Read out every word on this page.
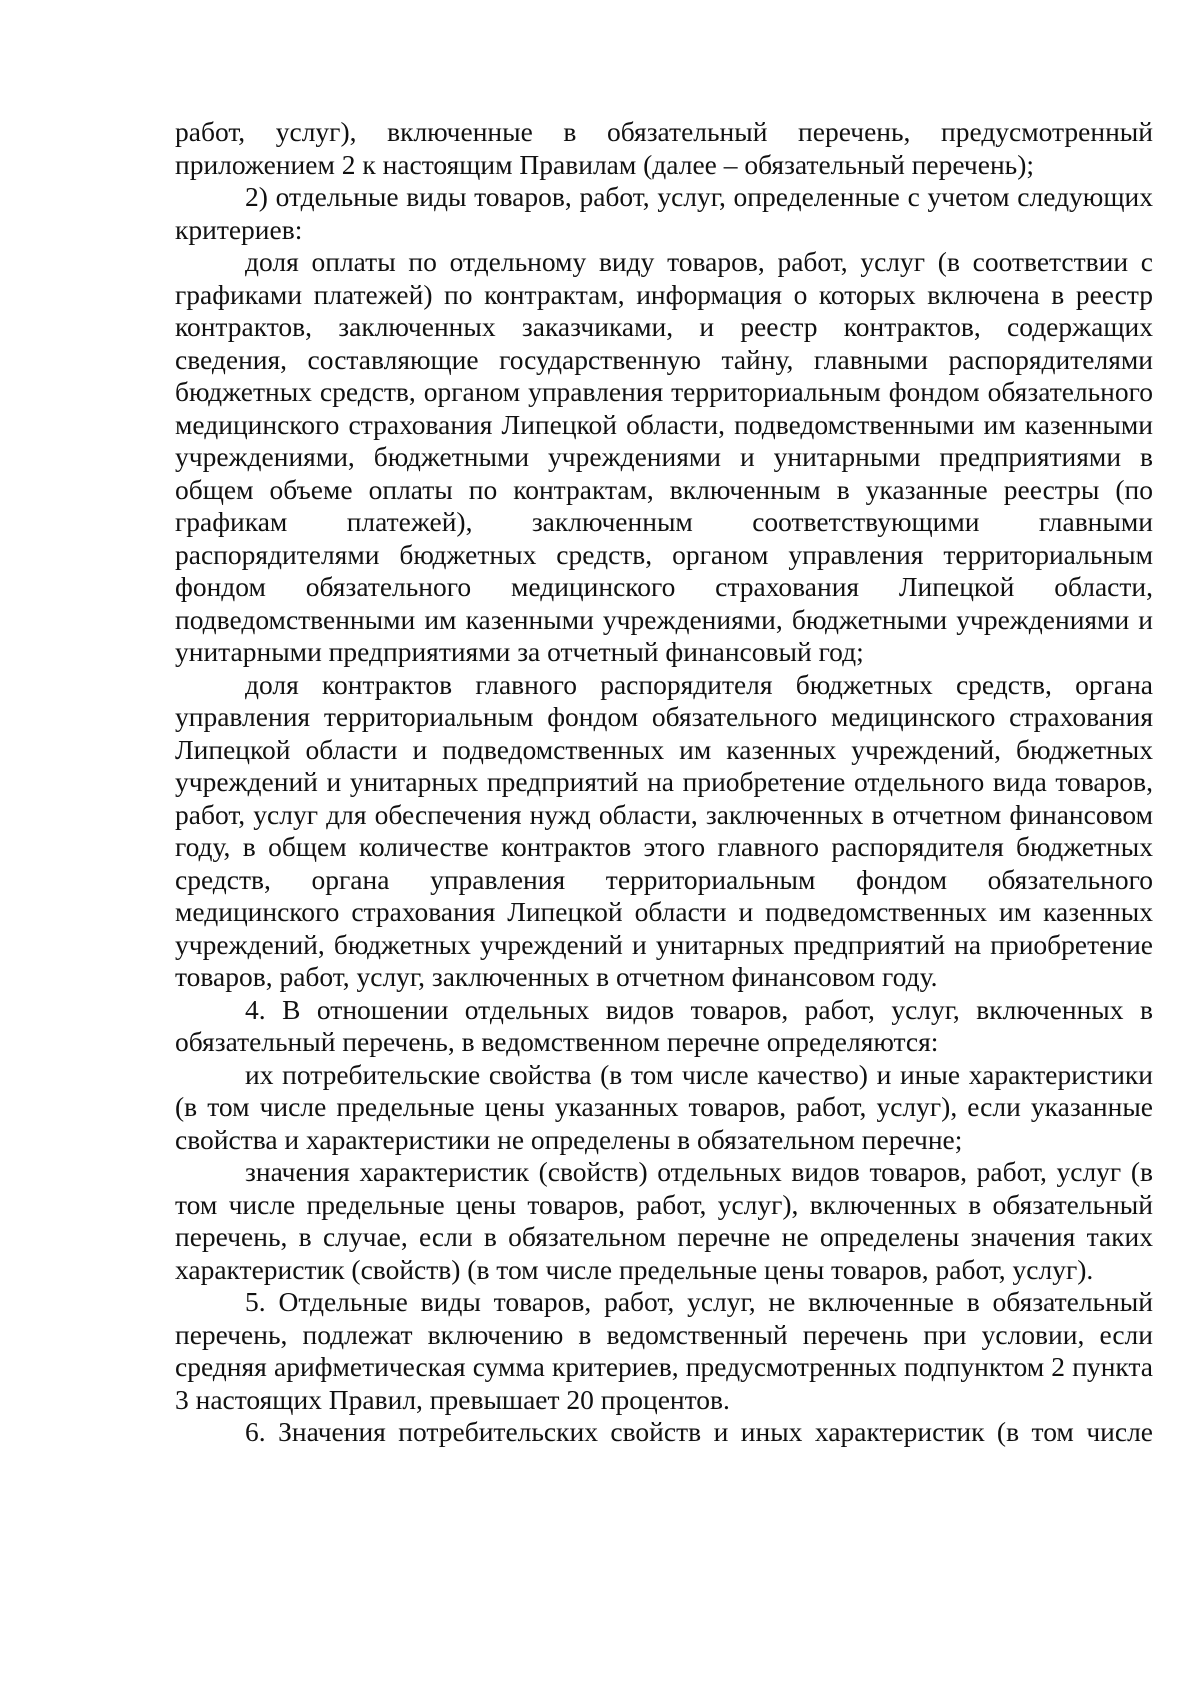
работ, услуг), включенные в обязательный перечень, предусмотренный приложением 2 к настоящим Правилам (далее – обязательный перечень);

2) отдельные виды товаров, работ, услуг, определенные с учетом следующих критериев:

доля оплаты по отдельному виду товаров, работ, услуг (в соответствии с графиками платежей) по контрактам, информация о которых включена в реестр контрактов, заключенных заказчиками, и реестр контрактов, содержащих сведения, составляющие государственную тайну, главными распорядителями бюджетных средств, органом управления территориальным фондом обязательного медицинского страхования Липецкой области, подведомственными им казенными учреждениями, бюджетными учреждениями и унитарными предприятиями в общем объеме оплаты по контрактам, включенным в указанные реестры (по графикам платежей), заключенным соответствующими главными распорядителями бюджетных средств, органом управления территориальным фондом обязательного медицинского страхования Липецкой области, подведомственными им казенными учреждениями, бюджетными учреждениями и унитарными предприятиями за отчетный финансовый год;

доля контрактов главного распорядителя бюджетных средств, органа управления территориальным фондом обязательного медицинского страхования Липецкой области и подведомственных им казенных учреждений, бюджетных учреждений и унитарных предприятий на приобретение отдельного вида товаров, работ, услуг для обеспечения нужд области, заключенных в отчетном финансовом году, в общем количестве контрактов этого главного распорядителя бюджетных средств, органа управления территориальным фондом обязательного медицинского страхования Липецкой области и подведомственных им казенных учреждений, бюджетных учреждений и унитарных предприятий на приобретение товаров, работ, услуг, заключенных в отчетном финансовом году.

4. В отношении отдельных видов товаров, работ, услуг, включенных в обязательный перечень, в ведомственном перечне определяются:

их потребительские свойства (в том числе качество) и иные характеристики (в том числе предельные цены указанных товаров, работ, услуг), если указанные свойства и характеристики не определены в обязательном перечне;

значения характеристик (свойств) отдельных видов товаров, работ, услуг (в том числе предельные цены товаров, работ, услуг), включенных в обязательный перечень, в случае, если в обязательном перечне не определены значения таких характеристик (свойств) (в том числе предельные цены товаров, работ, услуг).

5. Отдельные виды товаров, работ, услуг, не включенные в обязательный перечень, подлежат включению в ведомственный перечень при условии, если средняя арифметическая сумма критериев, предусмотренных подпунктом 2 пункта 3 настоящих Правил, превышает 20 процентов.

6. Значения потребительских свойств и иных характеристик (в том числе
